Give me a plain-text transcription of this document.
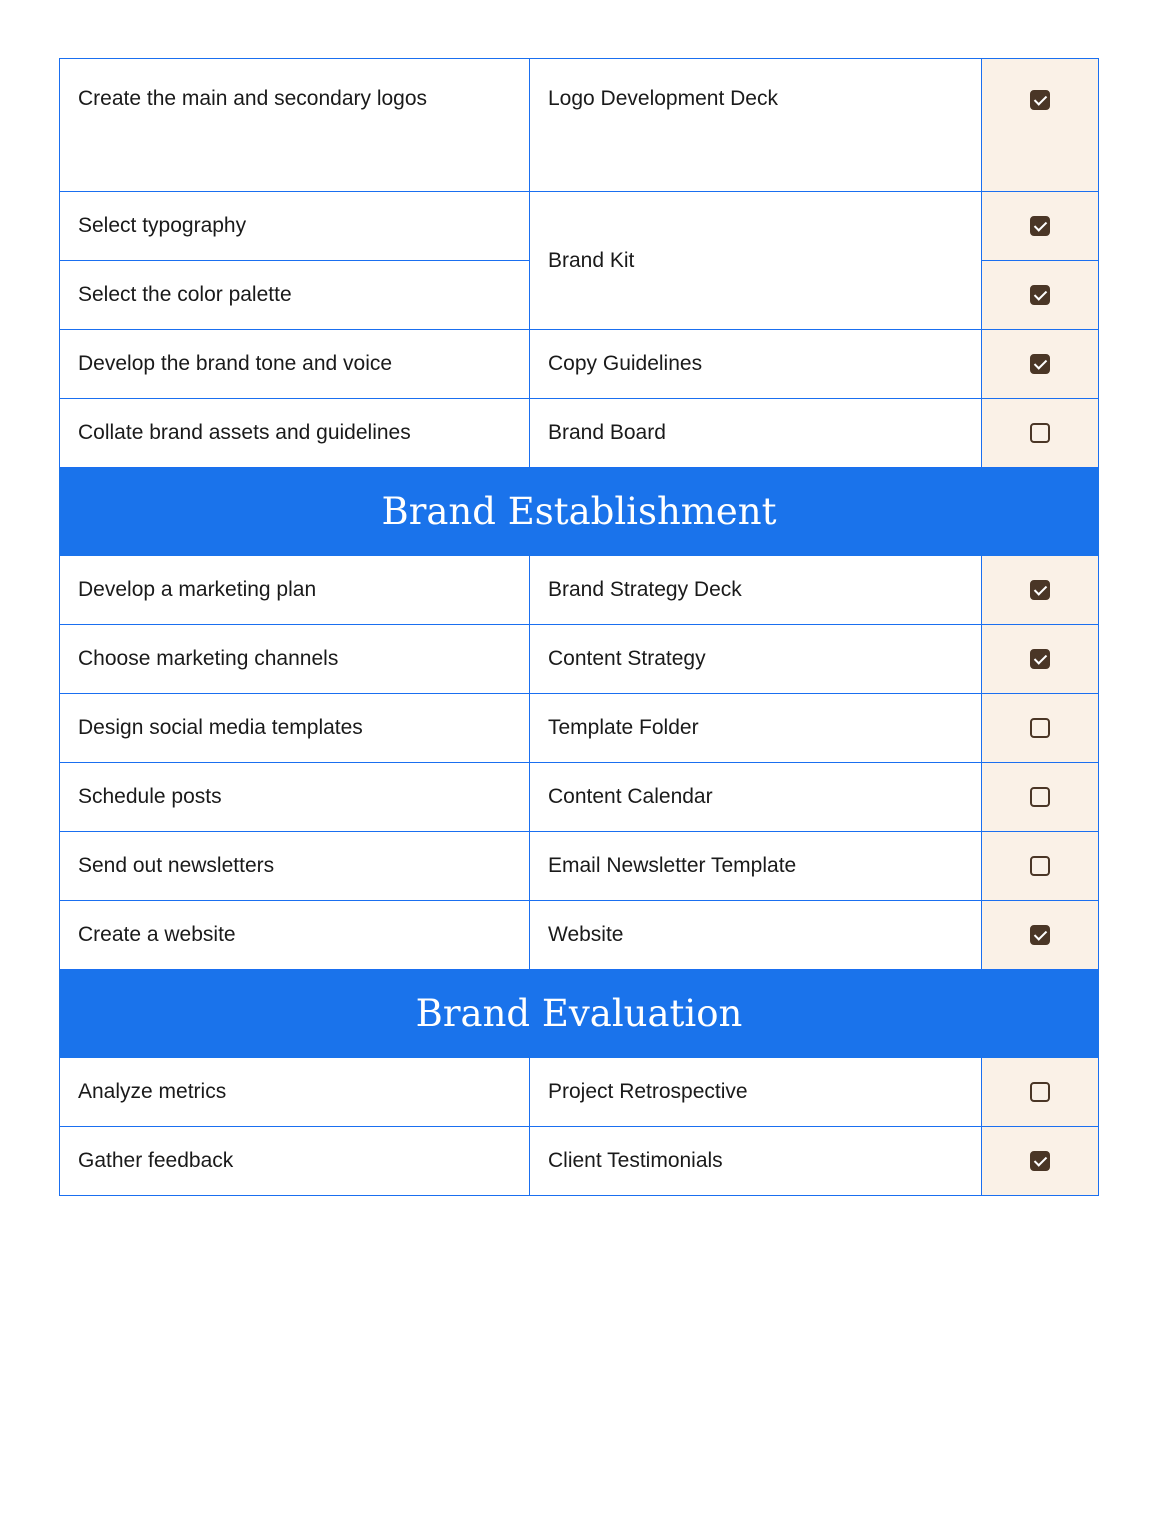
Create the main and secondary logos	Logo Development Deck	
Select typography	Brand Kit	
Select the color palette		
Develop the brand tone and voice	Copy Guidelines	
Collate brand assets and guidelines	Brand Board	
Brand Establishment		
Develop a marketing plan	Brand Strategy Deck	
Choose marketing channels	Content Strategy	
Design social media templates	Template Folder	
Schedule posts	Content Calendar	
Send out newsletters	Email Newsletter Template	
Create a website	Website	
Brand Evaluation		
Analyze metrics	Project Retrospective	
Gather feedback	Client Testimonials	
